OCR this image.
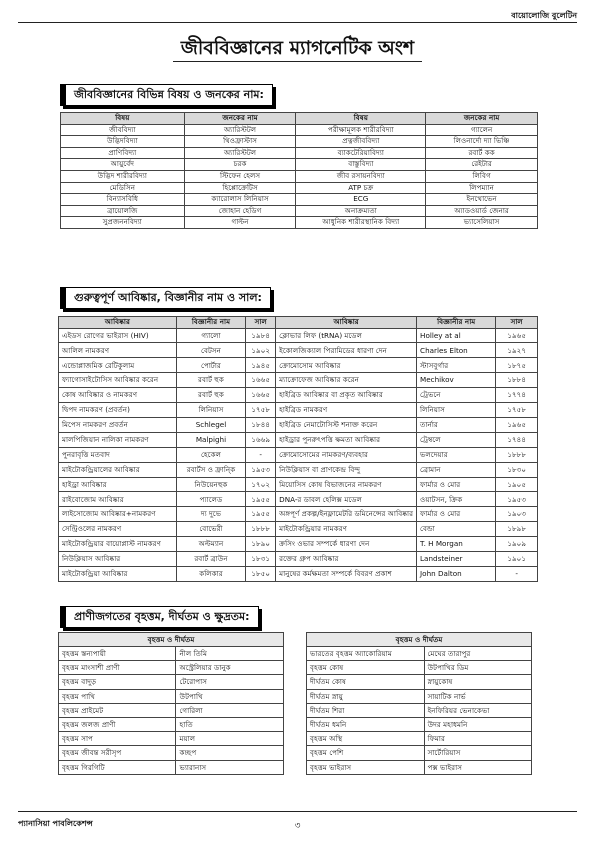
বায়োলোজি বুলেটিন
জীববিজ্ঞানের ম্যাগনেটিক অংশ
জীববিজ্ঞানের বিভিন্ন বিষয় ও জনকের নাম:
বিষয়	জনকের নাম	বিষয়	জনকের নাম
জীববিদ্যা	অ্যারিস্টটল	পরীক্ষামূলক শারীরবিদ্যা	গ্যালেন
উদ্ভিদবিদ্যা	থিওফ্রাস্টাস	প্রত্নজীববিদ্যা	লিওনার্দো দ্যা ভিঞ্চি
প্রাণিবিদ্যা	অ্যারিস্টটল	ব্যাকটেরিয়াবিদ্যা	রবার্ট কক
আয়ুর্বেদ	চরক	বাস্তুবিদ্যা	রেইটার
উদ্ভিদ শারীরবিদ্যা	স্টিফেন হেলস	জীব রসায়নবিদ্যা	লিবিগ
মেডিসিন	হিপ্পোক্রেটিস	ATP চক্র	লিপম্যান
বিন্যাসবিধি	ক্যারোলাস লিনিয়াস	ECG	ইনথোভেন
ব্রায়োলজি	জোহান হেডিগ	অনাক্রম্যতা	অ্যাডওয়ার্ড জেনার
সুপ্রজননবিদ্যা	গাল্টন	আধুনিক শারীরস্থানিক বিদ্যা	ভ্যাসেলিয়াস
গুরুত্বপূর্ণ আবিষ্কার, বিজ্ঞানীর নাম ও সাল:
আবিষ্কার	বিজ্ঞানীর নাম	সাল	আবিষ্কার	বিজ্ঞানীর নাম	সাল
এইডস রোগের ভাইরাস (HIV)	গ্যালো	১৯৮৪	ক্লোভার লিফ (tRNA) মডেল	Holley at al	১৯৬৫
আলিল নামকরণ	বেটসন	১৯০২	ইকোলজিক্যাল পিরামিডের ধারণা দেন	Charles Elton	১৯২৭
এন্ডোপ্লাজমিক রেটিকুলাম	পোর্টার	১৯৪৫	ক্রোমোসোম আবিষ্কার	স্টাসবুর্গার	১৮৭৫
ফ্যাগোসাইটোসিস আবিষ্কার করেন	রবার্ট হুক	১৬৬৫	ম্যাক্রোফেজ আবিষ্কার করেন	Mechikov	১৮৮৪
কোষ আবিষ্কার ও নামকরণ	রবার্ট হুক	১৬৬৫	হাইব্রিড আবিষ্কার বা প্রকৃত আবিষ্কার	ট্রেভনে	১৭৭৪
দ্বিপদ নামকরণ (প্রবর্তন)	লিনিয়াস	১৭৫৮	হাইব্রিড নামকরণ	লিনিয়াস	১৭৫৮
মিপেস নামকরণ প্রবর্তন	Schlegel	১৮৪৪	হাইব্রিড নেমাটোসিস্ট শনাক্ত করেন	তার্নার	১৯৬৫
মালপিজিয়ান নালিকা নামকরণ	Malpighi	১৬৬৯	হাইড্রার পুনরুৎপত্তি ক্ষমতা আবিষ্কার	ট্রেম্বলে	১৭৪৪
পুনরাবৃত্তি মতবাদ	হেকেল	-	ক্রোমোসোমের নামকরণ/ব্যবহার	ভলদেয়ার	১৮৮৮
মাইটোকন্ড্রিয়ালের আবিষ্কার	রবার্টস ও ফ্রান্কি	১৯৫৩	নিউক্লিয়াস বা প্রাণকেন্দ্র বিন্দু	ব্রোমান	১৮৩০
হাইড্রা আবিষ্কার	নিউয়েনহুক	১৭০২	মিয়োসিস কোষ বিভাজনের নামকরণ	ফার্মার ও মোর	১৯০৫
রাইবোজোম আবিষ্কার	প্যালেড	১৯৫৫	DNA-র ডাবল হেলিক্স মডেল	ওয়াটসন, ক্রিক	১৯৫৩
লাইসোজোম আবিষ্কার+নামকরণ	দ্য দুভে	১৯৫৫	অঙ্গপূর্ণ প্রকল্প/ইনফ্লামেটরি ডমিনেন্সের আবিষ্কার	ফার্মার ও মোর	১৯০৩
সেন্ট্রিওলের নামকরণ	বোভেরী	১৮৮৮	মাইটোকন্ড্রিয়ার নামকরণ	বেন্ডা	১৮৯৮
মাইটোকন্ড্রিয়ার বায়োপ্লাস্ট নামকরণ	অল্টম্যান	১৮৯০	ক্রসিং ওভার সম্পর্কে ধারণা দেন	T. H Morgan	১৯০৯
নিউক্লিয়াস আবিষ্কার	রবার্ট ব্রাউন	১৮৩১	রক্তের গ্রুপ আবিষ্কার	Landsteiner	১৯০১
মাইটোকন্ড্রিয়া আবিষ্কার	কলিকার	১৮৫০	মানুষের কর্মক্ষমতা সম্পর্কে বিবরণ প্রকাশ	John Dalton	-
প্রাণীজগতের বৃহত্তম, দীর্ঘতম ও ক্ষুদ্রতম:
বৃহত্তম ও দীর্ঘতম	
বৃহত্তম স্তন্যপায়ী	নীল তিমি
বৃহত্তম মাংসাশী প্রাণী	অস্ট্রেলিয়ার ডানুক
বৃহত্তম বাদুড়	টেরোপাস
বৃহত্তম পাখি	উটপাখি
বৃহত্তম প্রাইমেট	গোরিলা
বৃহত্তম জলজ প্রাণী	হাতি
বৃহত্তম সাপ	ময়াল
বৃহত্তম জীবন্ত সরীসৃপ	কচ্ছপ
বৃহত্তম গিরগিটি	ভ্যারানাস
বৃহত্তম ও দীর্ঘতম	
ভারতের বৃহত্তম অ্যাকোরিয়াম	মেঘের তারাপুর
বৃহত্তম কোষ	উটপাখির ডিম
দীর্ঘতম কোষ	স্নায়ুকোষ
দীর্ঘতম স্নায়ু	সায়াটিক নার্ভ
দীর্ঘতম শিরা	ইনফিরিয়র ভেনাকেভা
দীর্ঘতম ধমনি	উদর মহাধমনি
বৃহত্তম অস্থি	ফিমার
বৃহত্তম পেশি	সার্টোরিয়াস
বৃহত্তম ভাইরাস	পক্স ভাইরাস
প্যানাসিয়া পাবলিকেশন্স	৩
